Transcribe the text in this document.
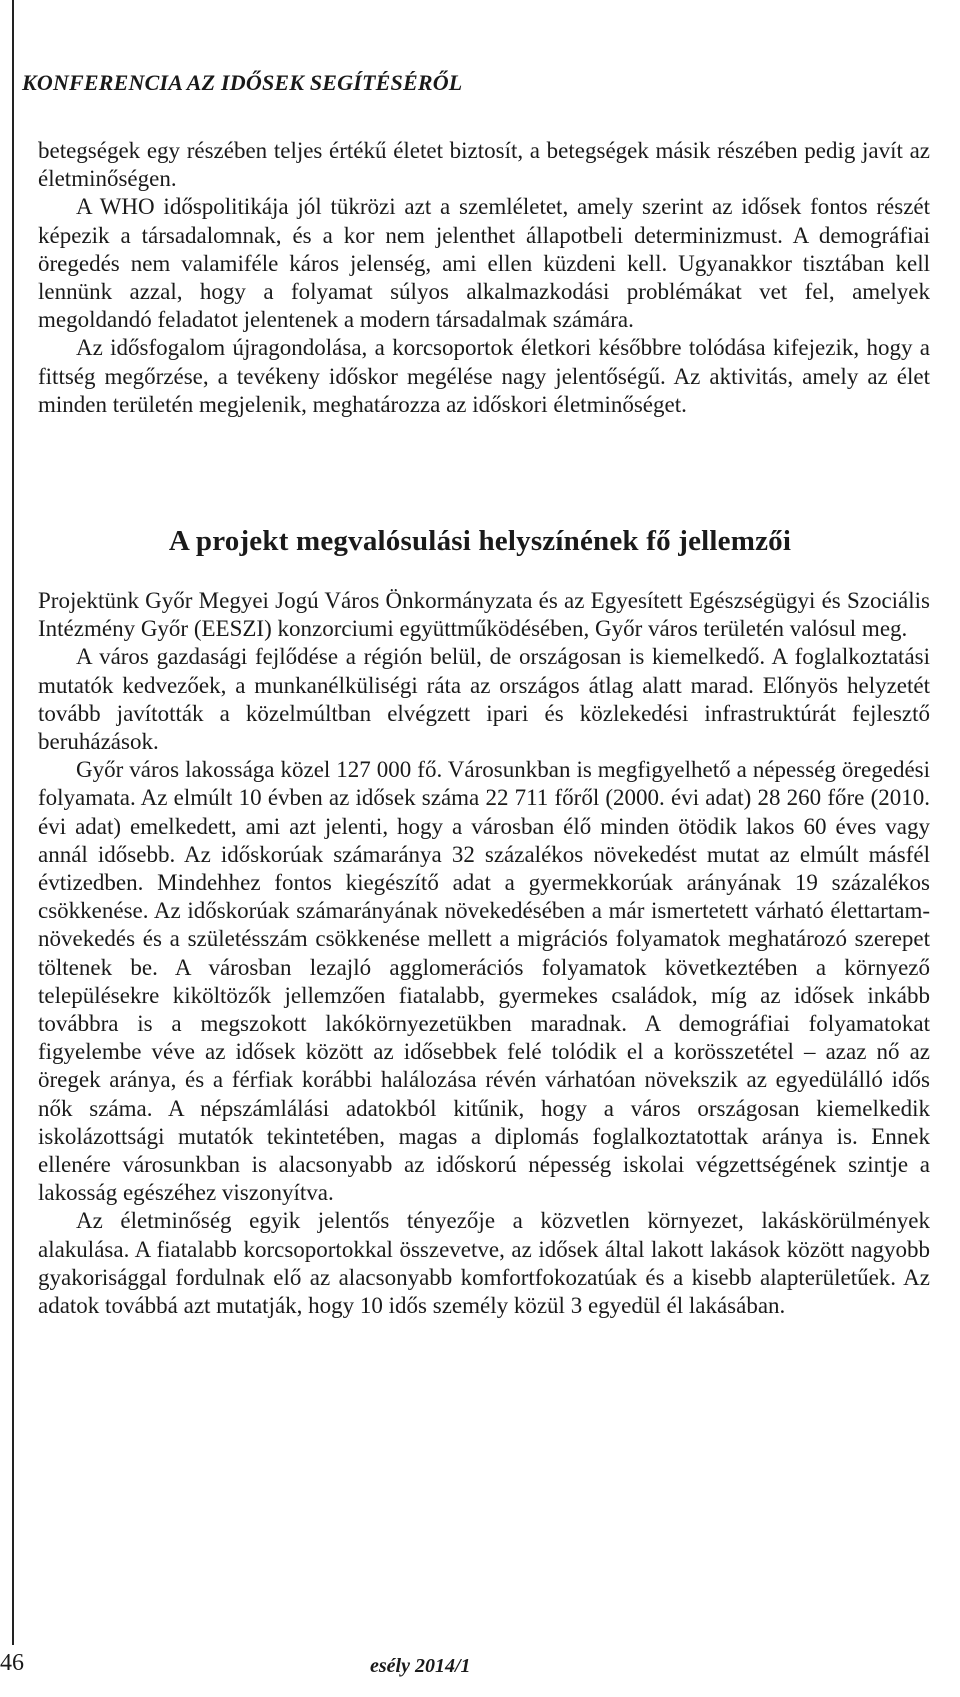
KONFERENCIA AZ IDŐSEK SEGÍTÉSÉRŐL

betegségek egy részében teljes értékű életet biztosít, a betegségek másik részében pedig javít az életminőségen.

A WHO időspolitikája jól tükrözi azt a szemléletet, amely szerint az idősek fontos részét képezik a társadalomnak, és a kor nem jelenthet állapotbeli determinizmust. A demográfiai öregedés nem valamiféle káros jelenség, ami ellen küzdeni kell. Ugyanakkor tisztában kell lennünk azzal, hogy a folyamat súlyos alkalmazkodási problémákat vet fel, amelyek megoldandó feladatot jelentenek a modern társadalmak számára.

Az idősfogalom újragondolása, a korcsoportok életkori későbbre tolódása kifejezik, hogy a fittség megőrzése, a tevékeny időskor megélése nagy jelentőségű. Az aktivitás, amely az élet minden területén megjelenik, meghatározza az időskori életminőséget.

A projekt megvalósulási helyszínének fő jellemzői

Projektünk Győr Megyei Jogú Város Önkormányzata és az Egyesített Egészségügyi és Szociális Intézmény Győr (EESZI) konzorciumi együttműködésében, Győr város területén valósul meg.

A város gazdasági fejlődése a régión belül, de országosan is kiemelkedő. A foglalkoztatási mutatók kedvezőek, a munkanélküliségi ráta az országos átlag alatt marad. Előnyös helyzetét tovább javították a közelmúltban elvégzett ipari és közlekedési infrastruktúrát fejlesztő beruházások.

Győr város lakossága közel 127 000 fő. Városunkban is megfigyelhető a népesség öregedési folyamata. Az elmúlt 10 évben az idősek száma 22 711 főről (2000. évi adat) 28 260 főre (2010. évi adat) emelkedett, ami azt jelenti, hogy a városban élő minden ötödik lakos 60 éves vagy annál idősebb. Az időskorúak számaránya 32 százalékos növekedést mutat az elmúlt másfél évtizedben. Mindehhez fontos kiegészítő adat a gyermekkorúak arányának 19 százalékos csökkenése. Az időskorúak számarányának növekedésében a már ismertetett várható élettartam-növekedés és a születésszám csökkenése mellett a migrációs folyamatok meghatározó szerepet töltenek be. A városban lezajló agglomerációs folyamatok következtében a környező településekre kiköltözők jellemzően fiatalabb, gyermekes családok, míg az idősek inkább továbbra is a megszokott lakókörnyezetükben maradnak. A demográfiai folyamatokat figyelembe véve az idősek között az idősebbek felé tolódik el a korösszetétel – azaz nő az öregek aránya, és a férfiak korábbi halálozása révén várhatóan növekszik az egyedülálló idős nők száma. A népszámlálási adatokból kitűnik, hogy a város országosan kiemelkedik iskolázottsági mutatók tekintetében, magas a diplomás foglalkoztatottak aránya is. Ennek ellenére városunkban is alacsonyabb az időskorú népesség iskolai végzettségének szintje a lakosság egészéhez viszonyítva.

Az életminőség egyik jelentős tényezője a közvetlen környezet, lakáskörülmények alakulása. A fiatalabb korcsoportokkal összevetve, az idősek által lakott lakások között nagyobb gyakorisággal fordulnak elő az alacsonyabb komfortfokozatúak és a kisebb alapterületűek. Az adatok továbbá azt mutatják, hogy 10 idős személy közül 3 egyedül él lakásában.

46	esély 2014/1
